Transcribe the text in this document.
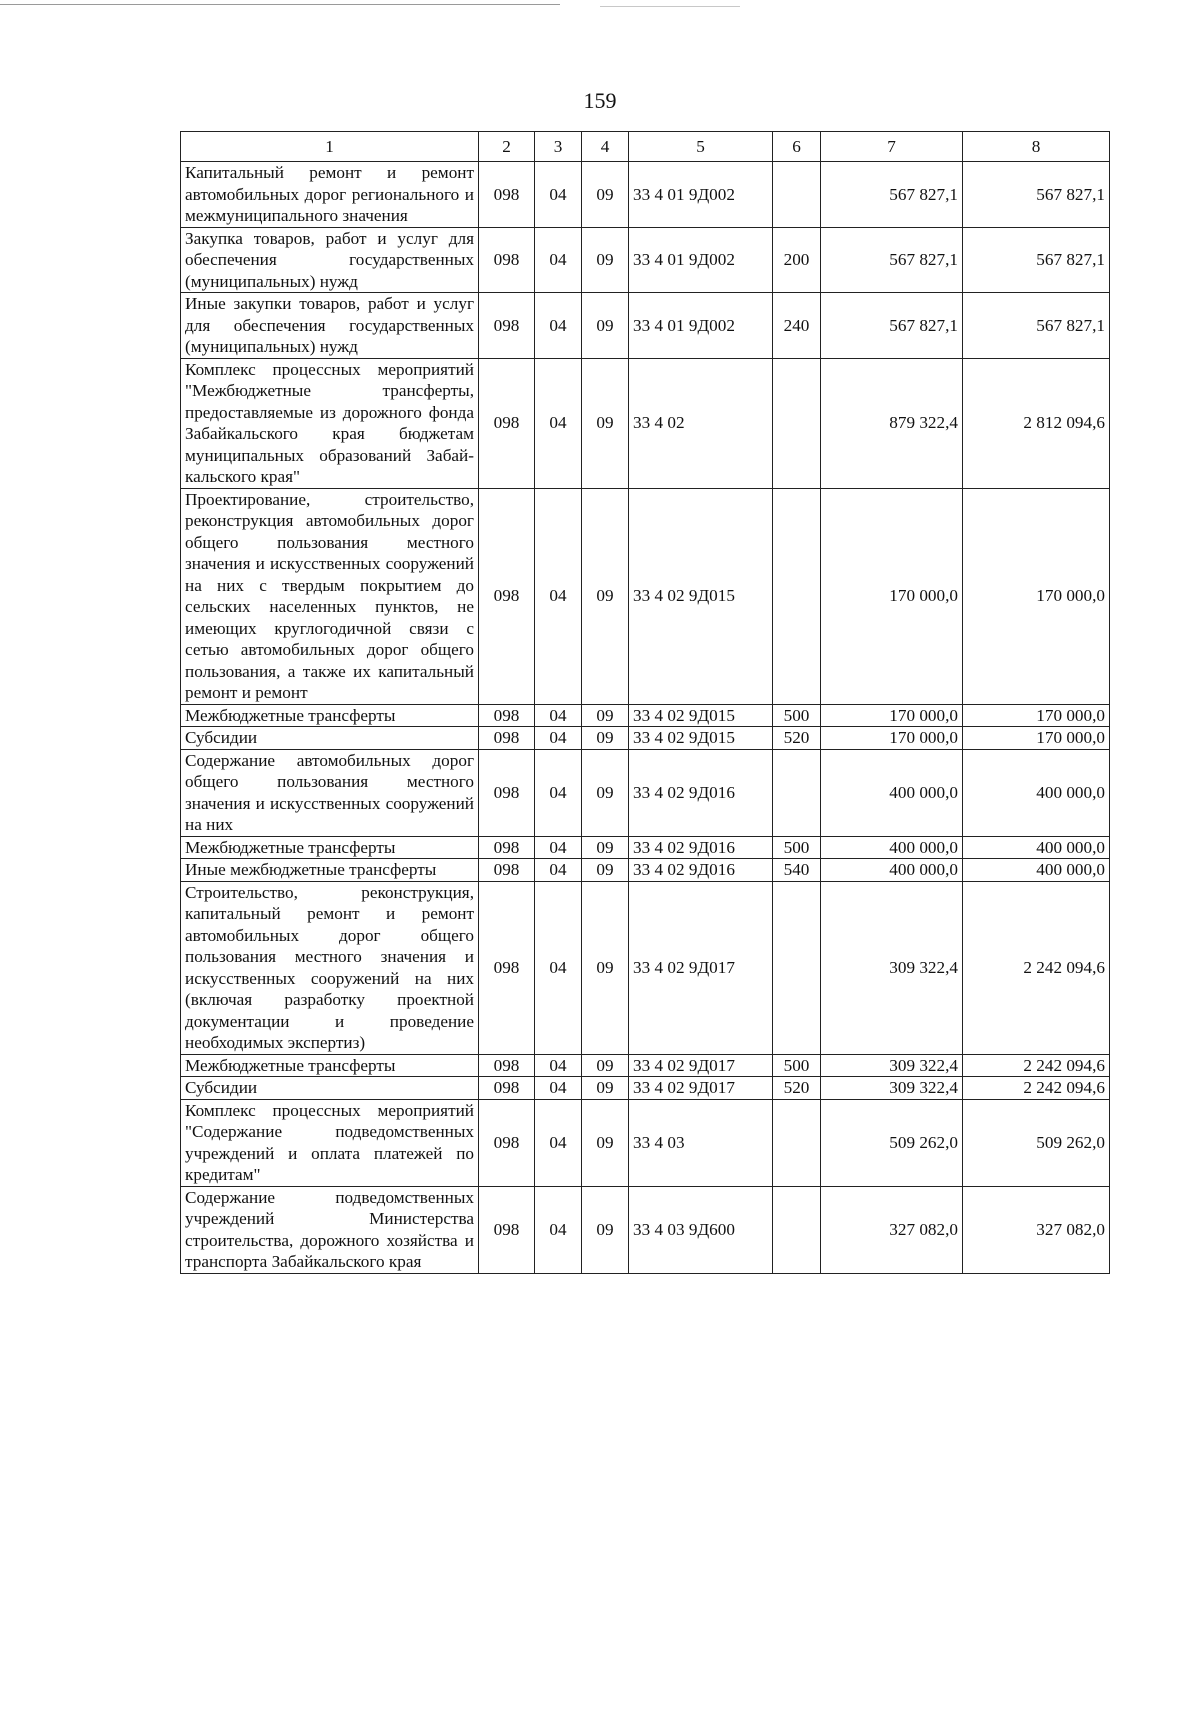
159
1	2	3	4	5	6	7	8
Капитальный ремонт и ремонт автомобильных дорог регионального и межмуниципального значения	098	04	09	33 4 01 9Д002		567 827,1	567 827,1
Закупка товаров, работ и услуг для обеспечения государственных (муниципальных) нужд	098	04	09	33 4 01 9Д002	200	567 827,1	567 827,1
Иные закупки товаров, работ и услуг для обеспечения государственных (муниципальных) нужд	098	04	09	33 4 01 9Д002	240	567 827,1	567 827,1
Комплекс процессных мероприятий "Межбюджетные трансферты, предоставляемые из дорожного фонда Забайкальского края бюджетам муниципальных образований Забайкальского края"	098	04	09	33 4 02		879 322,4	2 812 094,6
Проектирование, строительство, реконструкция автомобильных дорог общего пользования местного значения и искусственных сооружений на них с твердым покрытием до сельских населенных пунктов, не имеющих круглогодичной связи с сетью автомобильных дорог общего пользования, а также их капитальный ремонт и ремонт	098	04	09	33 4 02 9Д015		170 000,0	170 000,0
Межбюджетные трансферты	098	04	09	33 4 02 9Д015	500	170 000,0	170 000,0
Субсидии	098	04	09	33 4 02 9Д015	520	170 000,0	170 000,0
Содержание автомобильных дорог общего пользования местного значения и искусственных сооружений на них	098	04	09	33 4 02 9Д016		400 000,0	400 000,0
Межбюджетные трансферты	098	04	09	33 4 02 9Д016	500	400 000,0	400 000,0
Иные межбюджетные трансферты	098	04	09	33 4 02 9Д016	540	400 000,0	400 000,0
Строительство, реконструкция, капитальный ремонт и ремонт автомобильных дорог общего пользования местного значения и искусственных сооружений на них (включая разработку проектной документации и проведение необходимых экспертиз)	098	04	09	33 4 02 9Д017		309 322,4	2 242 094,6
Межбюджетные трансферты	098	04	09	33 4 02 9Д017	500	309 322,4	2 242 094,6
Субсидии	098	04	09	33 4 02 9Д017	520	309 322,4	2 242 094,6
Комплекс процессных мероприятий "Содержание подведомственных учреждений и оплата платежей по кредитам"	098	04	09	33 4 03		509 262,0	509 262,0
Содержание подведомственных учреждений Министерства строительства, дорожного хозяйства и транспорта Забайкальского края	098	04	09	33 4 03 9Д600		327 082,0	327 082,0
